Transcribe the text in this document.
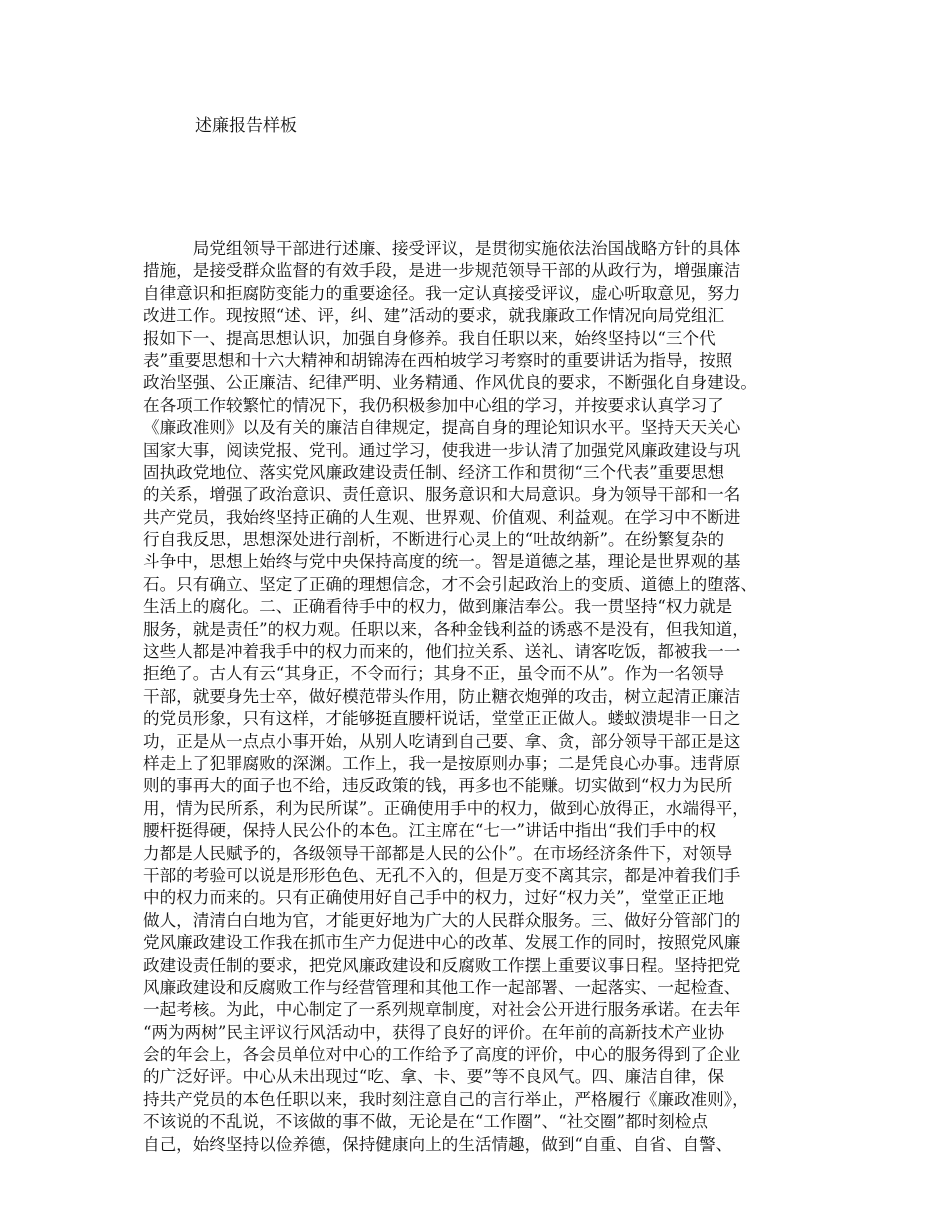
述廉报告样板
　　　局党组领导干部进行述廉、接受评议，是贯彻实施依法治国战略方针的具体
措施，是接受群众监督的有效手段，是进一步规范领导干部的从政行为，增强廉洁
自律意识和拒腐防变能力的重要途径。我一定认真接受评议，虚心听取意见，努力
改进工作。现按照“述、评，纠、建”活动的要求，就我廉政工作情况向局党组汇
报如下一、提高思想认识，加强自身修养。我自任职以来，始终坚持以“三个代
表”重要思想和十六大精神和胡锦涛在西柏坡学习考察时的重要讲话为指导，按照
政治坚强、公正廉洁、纪律严明、业务精通、作风优良的要求，不断强化自身建设。
在各项工作较繁忙的情况下，我仍积极参加中心组的学习，并按要求认真学习了
《廉政准则》以及有关的廉洁自律规定，提高自身的理论知识水平。坚持天天关心
国家大事，阅读党报、党刊。通过学习，使我进一步认清了加强党风廉政建设与巩
固执政党地位、落实党风廉政建设责任制、经济工作和贯彻“三个代表”重要思想
的关系，增强了政治意识、责任意识、服务意识和大局意识。身为领导干部和一名
共产党员，我始终坚持正确的人生观、世界观、价值观、利益观。在学习中不断进
行自我反思，思想深处进行剖析，不断进行心灵上的“吐故纳新”。在纷繁复杂的
斗争中，思想上始终与党中央保持高度的统一。智是道德之基，理论是世界观的基
石。只有确立、坚定了正确的理想信念，才不会引起政治上的变质、道德上的堕落、
生活上的腐化。二、正确看待手中的权力，做到廉洁奉公。我一贯坚持“权力就是
服务，就是责任”的权力观。任职以来，各种金钱利益的诱惑不是没有，但我知道，
这些人都是冲着我手中的权力而来的，他们拉关系、送礼、请客吃饭，都被我一一
拒绝了。古人有云“其身正，不令而行；其身不正，虽令而不从”。作为一名领导
干部，就要身先士卒，做好模范带头作用，防止糖衣炮弹的攻击，树立起清正廉洁
的党员形象，只有这样，才能够挺直腰杆说话，堂堂正正做人。蝼蚁溃堤非一日之
功，正是从一点点小事开始，从别人吃请到自己要、拿、贪，部分领导干部正是这
样走上了犯罪腐败的深渊。工作上，我一是按原则办事；二是凭良心办事。违背原
则的事再大的面子也不给，违反政策的钱，再多也不能赚。切实做到“权力为民所
用，情为民所系，利为民所谋”。正确使用手中的权力，做到心放得正，水端得平，
腰杆挺得硬，保持人民公仆的本色。江主席在“七一”讲话中指出“我们手中的权
力都是人民赋予的，各级领导干部都是人民的公仆”。在市场经济条件下，对领导
干部的考验可以说是形形色色、无孔不入的，但是万变不离其宗，都是冲着我们手
中的权力而来的。只有正确使用好自己手中的权力，过好“权力关”，堂堂正正地
做人，清清白白地为官，才能更好地为广大的人民群众服务。三、做好分管部门的
党风廉政建设工作我在抓市生产力促进中心的改革、发展工作的同时，按照党风廉
政建设责任制的要求，把党风廉政建设和反腐败工作摆上重要议事日程。坚持把党
风廉政建设和反腐败工作与经营管理和其他工作一起部署、一起落实、一起检查、
一起考核。为此，中心制定了一系列规章制度，对社会公开进行服务承诺。在去年
“两为两树”民主评议行风活动中，获得了良好的评价。在年前的高新技术产业协
会的年会上，各会员单位对中心的工作给予了高度的评价，中心的服务得到了企业
的广泛好评。中心从未出现过“吃、拿、卡、要”等不良风气。四、廉洁自律，保
持共产党员的本色任职以来，我时刻注意自己的言行举止，严格履行《廉政准则》，
不该说的不乱说，不该做的事不做，无论是在“工作圈”、“社交圈”都时刻检点
自己，始终坚持以俭养德，保持健康向上的生活情趣，做到“自重、自省、自警、
